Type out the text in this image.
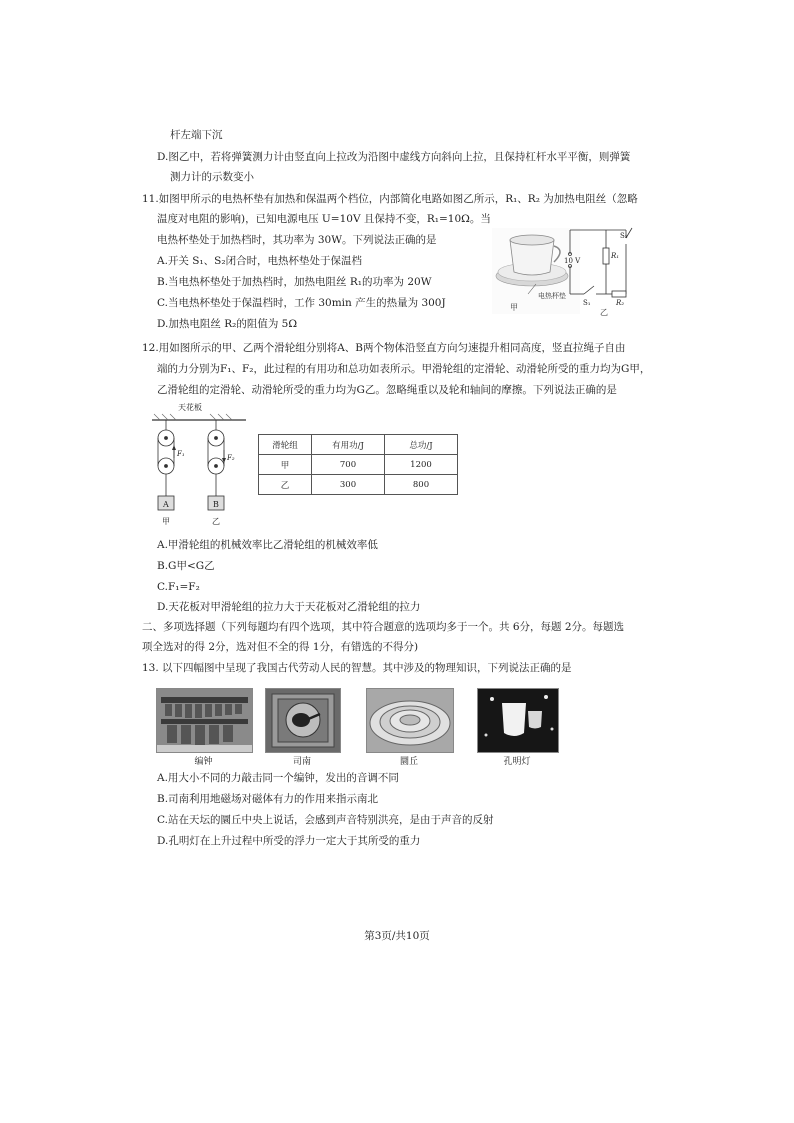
杆左端下沉
D.图乙中，若将弹簧测力计由竖直向上拉改为沿图中虚线方向斜向上拉，且保持杠杆水平平衡，则弹簧
测力计的示数变小
11.如图甲所示的电热杯垫有加热和保温两个档位，内部简化电路如图乙所示，R₁、R₂ 为加热电阻丝（忽略
温度对电阻的影响)，已知电源电压 U=10V 且保持不变，R₁=10Ω。当
电热杯垫处于加热档时，其功率为 30W。下列说法正确的是
A.开关 S₁、S₂闭合时，电热杯垫处于保温档
B.当电热杯垫处于加热档时，加热电阻丝 R₁的功率为 20W
C.当电热杯垫处于保温档时，工作 30min 产生的热量为 300J
D.加热电阻丝 R₂的阻值为 5Ω
电热杯垫
甲
10 V
S₂
R₁
S₁	R₂
乙
12.用如图所示的甲、乙两个滑轮组分别将A、B两个物体沿竖直方向匀速提升相同高度，竖直拉绳子自由
端的力分别为F₁、F₂，此过程的有用功和总功如表所示。甲滑轮组的定滑轮、动滑轮所受的重力均为G甲，
乙滑轮组的定滑轮、动滑轮所受的重力均为G乙。忽略绳重以及轮和轴间的摩擦。下列说法正确的是
天花板
F₁
A
甲
F₂
B
乙
滑轮组	有用功/J	总功/J
甲	700	1200
乙	300	800
A.甲滑轮组的机械效率比乙滑轮组的机械效率低
B.G甲<G乙
C.F₁=F₂
D.天花板对甲滑轮组的拉力大于天花板对乙滑轮组的拉力
二、多项选择题（下列每题均有四个选项，其中符合题意的选项均多于一个。共 6分，每题 2分。每题选
项全选对的得 2分，选对但不全的得 1分，有错选的不得分)
13. 以下四幅图中呈现了我国古代劳动人民的智慧。其中涉及的物理知识，下列说法正确的是
编钟	司南	圜丘	孔明灯
A.用大小不同的力敲击同一个编钟，发出的音调不同
B.司南利用地磁场对磁体有力的作用来指示南北
C.站在天坛的圜丘中央上说话，会感到声音特别洪亮，是由于声音的反射
D.孔明灯在上升过程中所受的浮力一定大于其所受的重力
第3页/共10页
